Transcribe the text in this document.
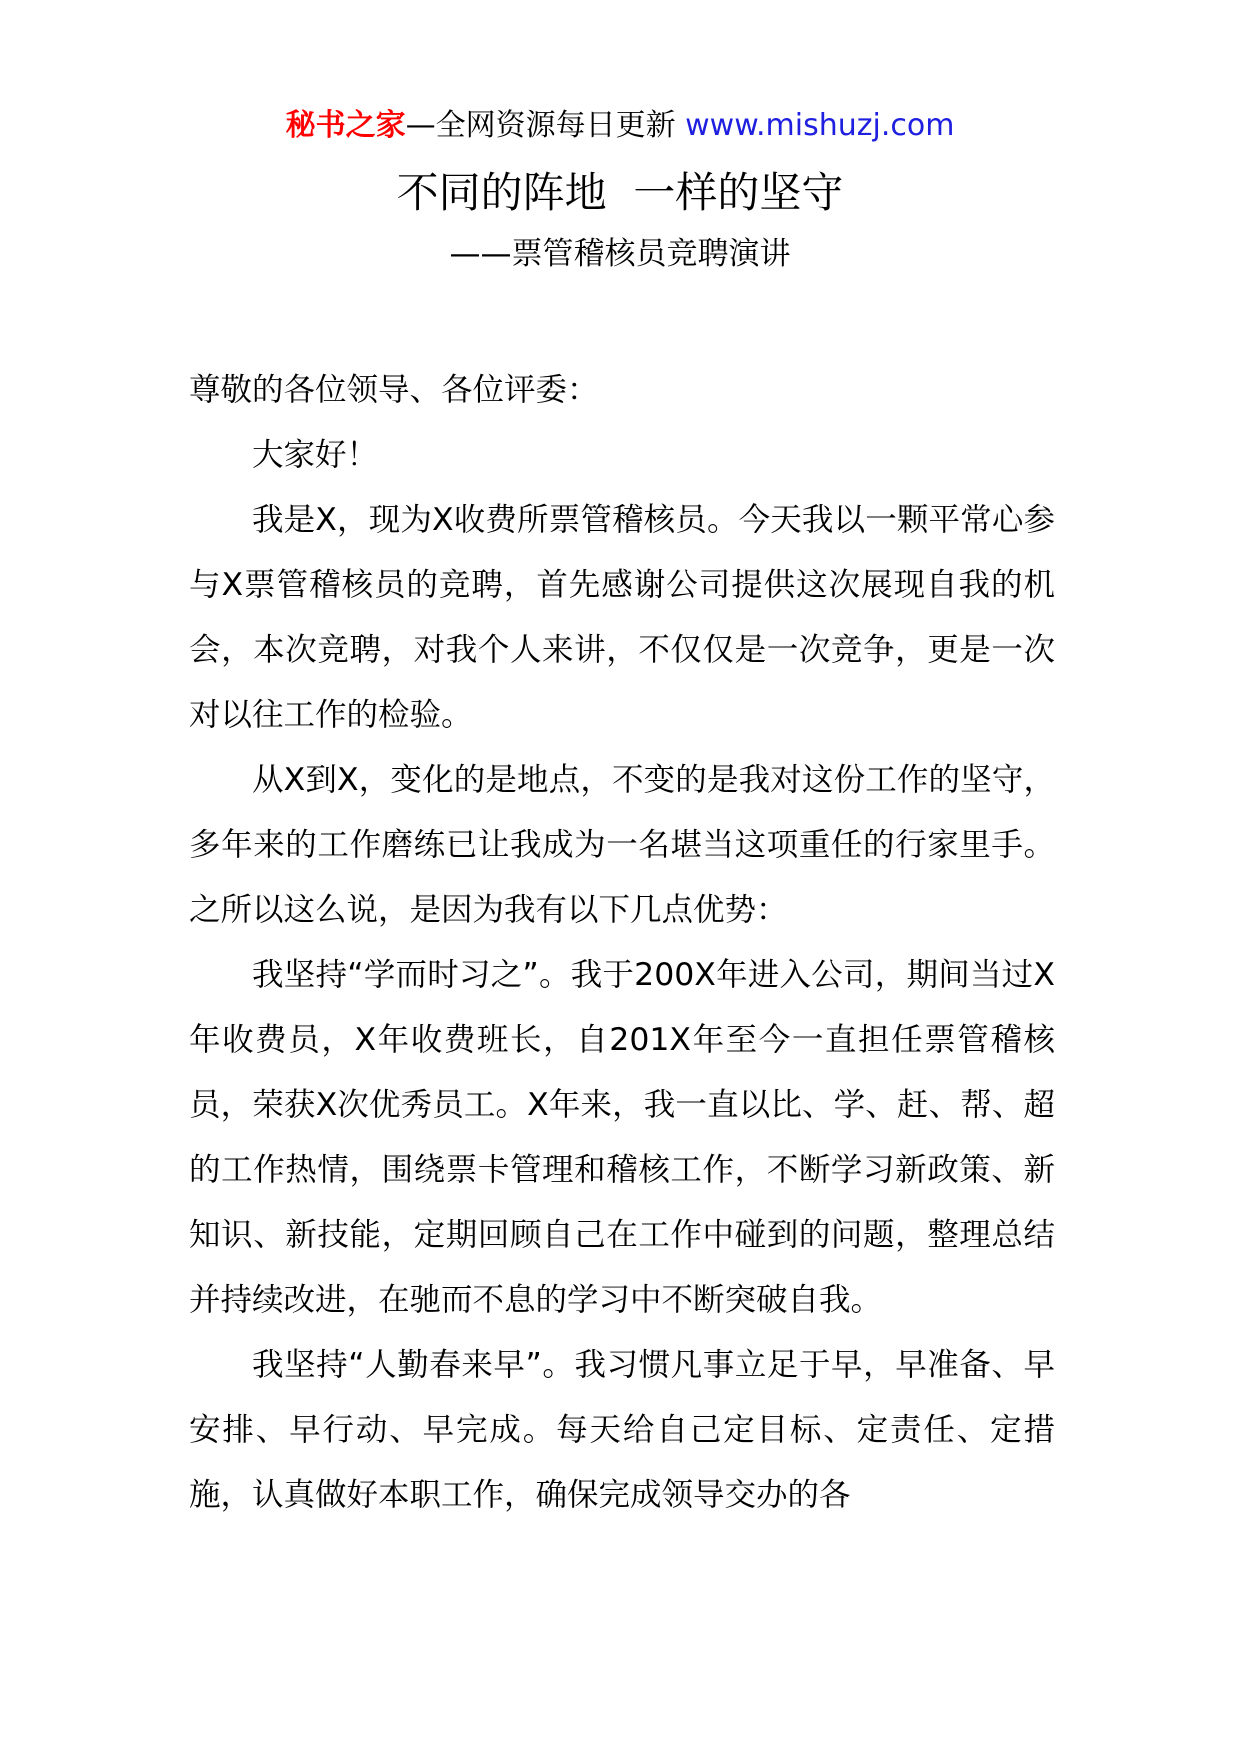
秘书之家—全网资源每日更新 www.mishuzj.com
不同的阵地  一样的坚守
——票管稽核员竞聘演讲

尊敬的各位领导、各位评委：

大家好！

我是X，现为X收费所票管稽核员。今天我以一颗平常心参与X票管稽核员的竞聘，首先感谢公司提供这次展现自我的机会，本次竞聘，对我个人来讲，不仅仅是一次竞争，更是一次对以往工作的检验。

从X到X，变化的是地点，不变的是我对这份工作的坚守，多年来的工作磨练已让我成为一名堪当这项重任的行家里手。之所以这么说，是因为我有以下几点优势：

我坚持“学而时习之”。我于200X年进入公司，期间当过X年收费员，X年收费班长，自201X年至今一直担任票管稽核员，荣获X次优秀员工。X年来，我一直以比、学、赶、帮、超的工作热情，围绕票卡管理和稽核工作，不断学习新政策、新知识、新技能，定期回顾自己在工作中碰到的问题，整理总结并持续改进，在驰而不息的学习中不断突破自我。

我坚持“人勤春来早”。我习惯凡事立足于早，早准备、早安排、早行动、早完成。每天给自己定目标、定责任、定措施，认真做好本职工作，确保完成领导交办的各
